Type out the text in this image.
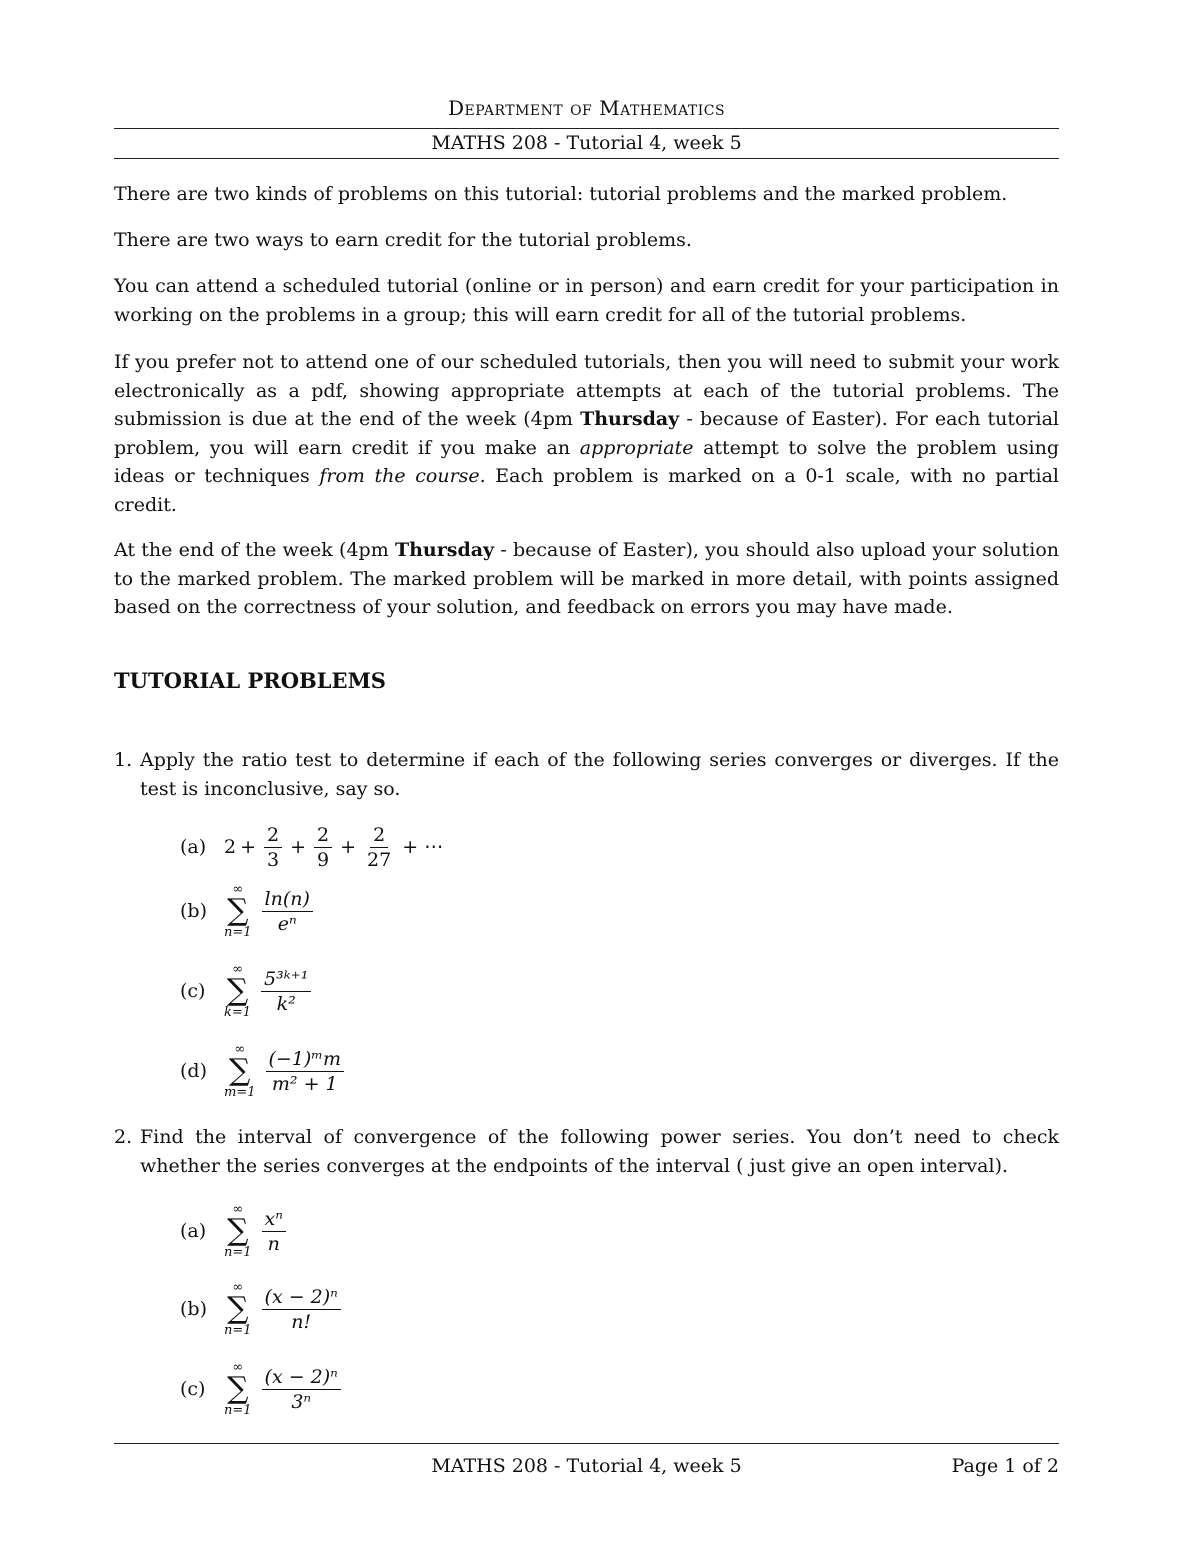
Department of Mathematics
MATHS 208 - Tutorial 4, week 5

There are two kinds of problems on this tutorial: tutorial problems and the marked problem.

There are two ways to earn credit for the tutorial problems.

You can attend a scheduled tutorial (online or in person) and earn credit for your participation in working on the problems in a group; this will earn credit for all of the tutorial problems.

If you prefer not to attend one of our scheduled tutorials, then you will need to submit your work electronically as a pdf, showing appropriate attempts at each of the tutorial problems. The submission is due at the end of the week (4pm Thursday - because of Easter). For each tutorial problem, you will earn credit if you make an appropriate attempt to solve the problem using ideas or techniques from the course. Each problem is marked on a 0-1 scale, with no partial credit.

At the end of the week (4pm Thursday - because of Easter), you should also upload your solution to the marked problem. The marked problem will be marked in more detail, with points assigned based on the correctness of your solution, and feedback on errors you may have made.

TUTORIAL PROBLEMS
1. Apply the ratio test to determine if each of the following series converges or diverges. If the test is inconclusive, say so.
(a) $2 + \frac{2}{3} + \frac{2}{9} + \frac{2}{27}$ + ⋯
(b)
∞
∑
$n=1 \frac{\ln(n)}{\text{eⁿ}}$
(c)
∞
∑
$k=1 \frac{\text{5³ᵏ⁺¹}}{\text{k²}}$
(d)
∞
∑
$m=1 \frac{\text{(−1)ᵐm}}{\text{m² + 1}}$
2. Find the interval of convergence of the following power series. You don’t need to check whether the series converges at the endpoints of the interval ( just give an open interval).
(a)
∞
∑
$n=1 \frac{\text{xⁿ}}{n}$
(b)
∞
∑
$n=1 \frac{\text{(x − 2)ⁿ}}{n!}$
(c)
∞
∑
$n=1 \frac{\text{(x − 2)ⁿ}}{\text{3ⁿ}}$
MATHS 208 - Tutorial 4, week 5	Page 1 of 2
